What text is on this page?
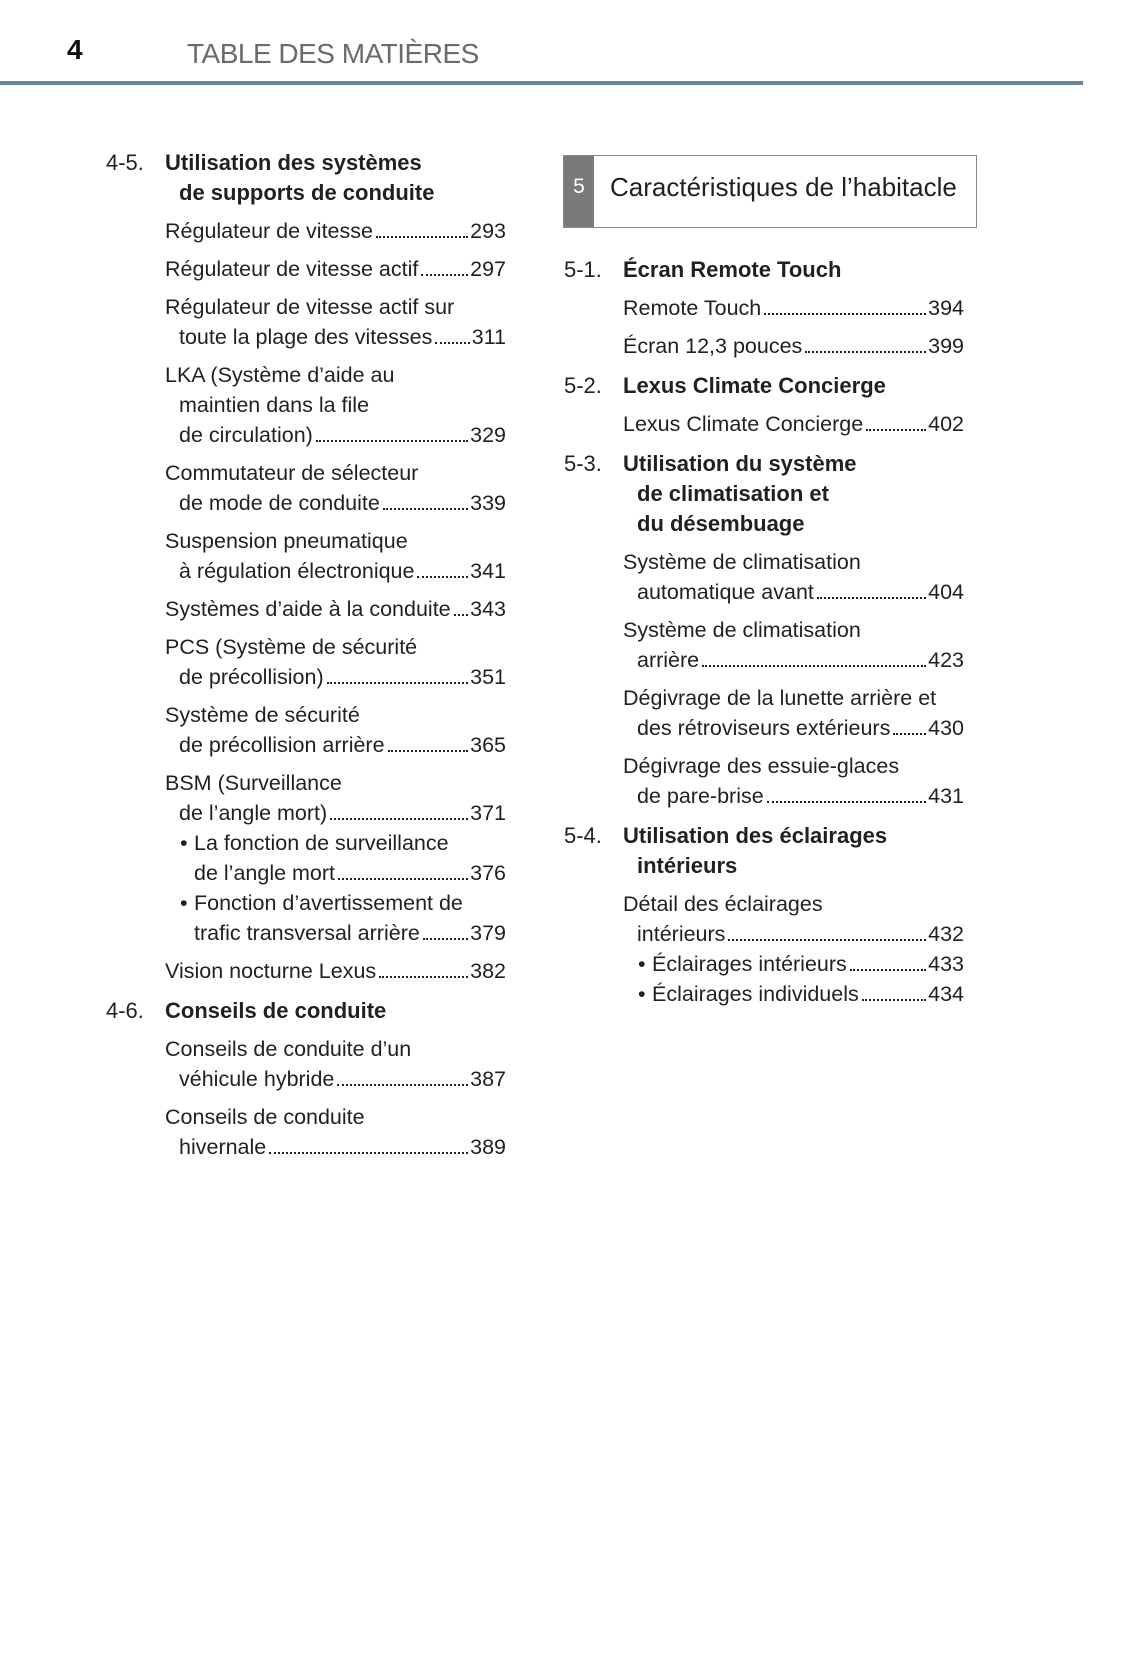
4	TABLE DES MATIÈRES
5 Caractéristiques de l’habitacle
4-5. Utilisation des systèmes
de supports de conduite
Régulateur de vitesse	293
Régulateur de vitesse actif 297
Régulateur de vitesse actif sur
toute la plage des vitesses 311
LKA (Système d’aide au
maintien dans la file
de circulation)	329
Commutateur de sélecteur
de mode de conduite	339
Suspension pneumatique
à régulation électronique	341
Systèmes d’aide à la conduite 343
PCS (Système de sécurité
de précollision)	351
Système de sécurité
de précollision arrière	365
BSM (Surveillance
de l’angle mort)	371
• La fonction de surveillance
de l’angle mort	376
• Fonction d’avertissement de
trafic transversal arrière 379
Vision nocturne Lexus	382
4-6. Conseils de conduite
Conseils de conduite d’un
véhicule hybride	387
Conseils de conduite
hivernale	389
5-1. Écran Remote Touch
Remote Touch	394
Écran 12,3 pouces	399
5-2. Lexus Climate Concierge
Lexus Climate Concierge	402
5-3. Utilisation du système
de climatisation et
du désembuage
Système de climatisation
automatique avant	404
Système de climatisation
arrière	423
Dégivrage de la lunette arrière et
des rétroviseurs extérieurs 430
Dégivrage des essuie-glaces
de pare-brise	431
5-4. Utilisation des éclairages
intérieurs
Détail des éclairages
intérieurs	432
• Éclairages intérieurs	433
• Éclairages individuels	434
